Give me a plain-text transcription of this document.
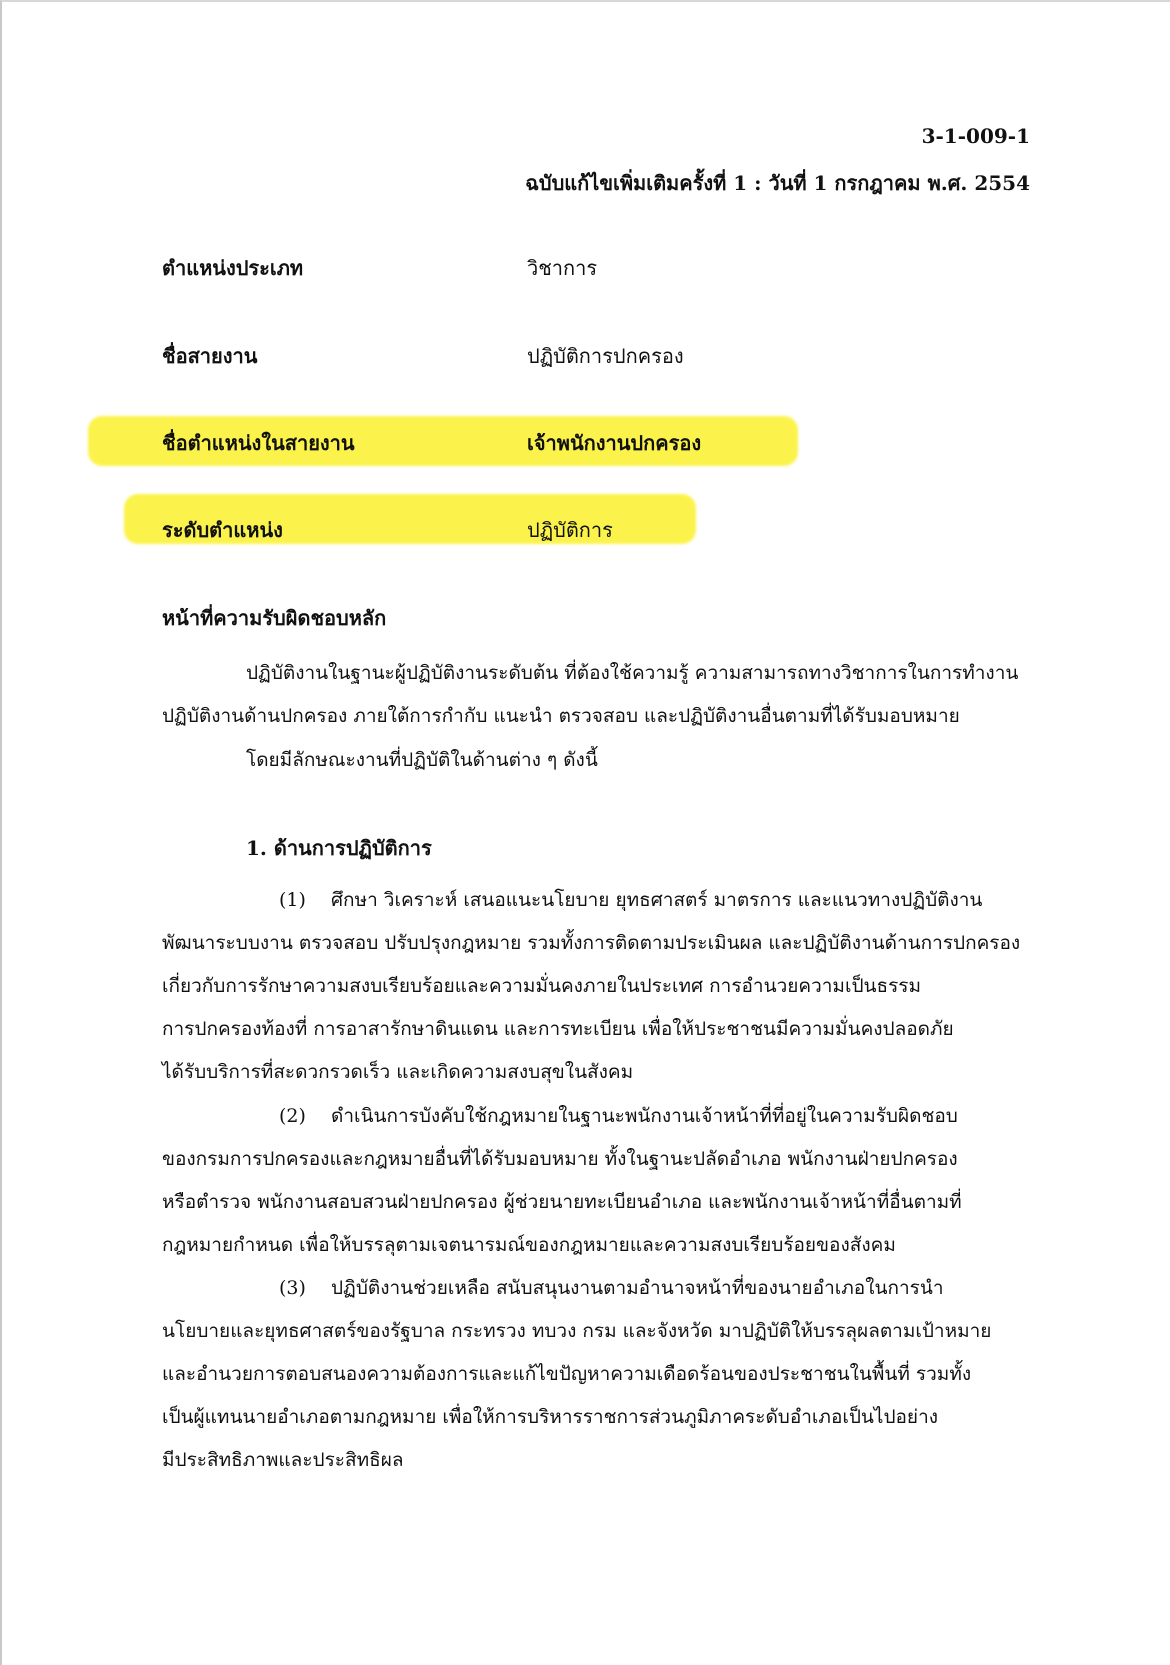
3-1-009-1
ฉบับแก้ไขเพิ่มเติมครั้งที่ 1 : วันที่ 1 กรกฎาคม พ.ศ. 2554
ตำแหน่งประเภท	วิชาการ
ชื่อสายงาน	ปฏิบัติการปกครอง
ชื่อตำแหน่งในสายงาน	เจ้าพนักงานปกครอง
ระดับตำแหน่ง	ปฏิบัติการ
หน้าที่ความรับผิดชอบหลัก
ปฏิบัติงานในฐานะผู้ปฏิบัติงานระดับต้น ที่ต้องใช้ความรู้ ความสามารถทางวิชาการในการทำงาน
ปฏิบัติงานด้านปกครอง ภายใต้การกำกับ แนะนำ ตรวจสอบ และปฏิบัติงานอื่นตามที่ได้รับมอบหมาย
โดยมีลักษณะงานที่ปฏิบัติในด้านต่าง ๆ ดังนี้
1. ด้านการปฏิบัติการ
(1) ศึกษา วิเคราะห์ เสนอแนะนโยบาย ยุทธศาสตร์ มาตรการ และแนวทางปฏิบัติงาน
พัฒนาระบบงาน ตรวจสอบ ปรับปรุงกฎหมาย รวมทั้งการติดตามประเมินผล และปฏิบัติงานด้านการปกครอง
เกี่ยวกับการรักษาความสงบเรียบร้อยและความมั่นคงภายในประเทศ การอำนวยความเป็นธรรม
การปกครองท้องที่ การอาสารักษาดินแดน และการทะเบียน เพื่อให้ประชาชนมีความมั่นคงปลอดภัย
ได้รับบริการที่สะดวกรวดเร็ว และเกิดความสงบสุขในสังคม
(2) ดำเนินการบังคับใช้กฎหมายในฐานะพนักงานเจ้าหน้าที่ที่อยู่ในความรับผิดชอบ
ของกรมการปกครองและกฎหมายอื่นที่ได้รับมอบหมาย ทั้งในฐานะปลัดอำเภอ พนักงานฝ่ายปกครอง
หรือตำรวจ พนักงานสอบสวนฝ่ายปกครอง ผู้ช่วยนายทะเบียนอำเภอ และพนักงานเจ้าหน้าที่อื่นตามที่
กฎหมายกำหนด เพื่อให้บรรลุตามเจตนารมณ์ของกฎหมายและความสงบเรียบร้อยของสังคม
(3) ปฏิบัติงานช่วยเหลือ สนับสนุนงานตามอำนาจหน้าที่ของนายอำเภอในการนำ
นโยบายและยุทธศาสตร์ของรัฐบาล กระทรวง ทบวง กรม และจังหวัด มาปฏิบัติให้บรรลุผลตามเป้าหมาย
และอำนวยการตอบสนองความต้องการและแก้ไขปัญหาความเดือดร้อนของประชาชนในพื้นที่ รวมทั้ง
เป็นผู้แทนนายอำเภอตามกฎหมาย เพื่อให้การบริหารราชการส่วนภูมิภาคระดับอำเภอเป็นไปอย่าง
มีประสิทธิภาพและประสิทธิผล
